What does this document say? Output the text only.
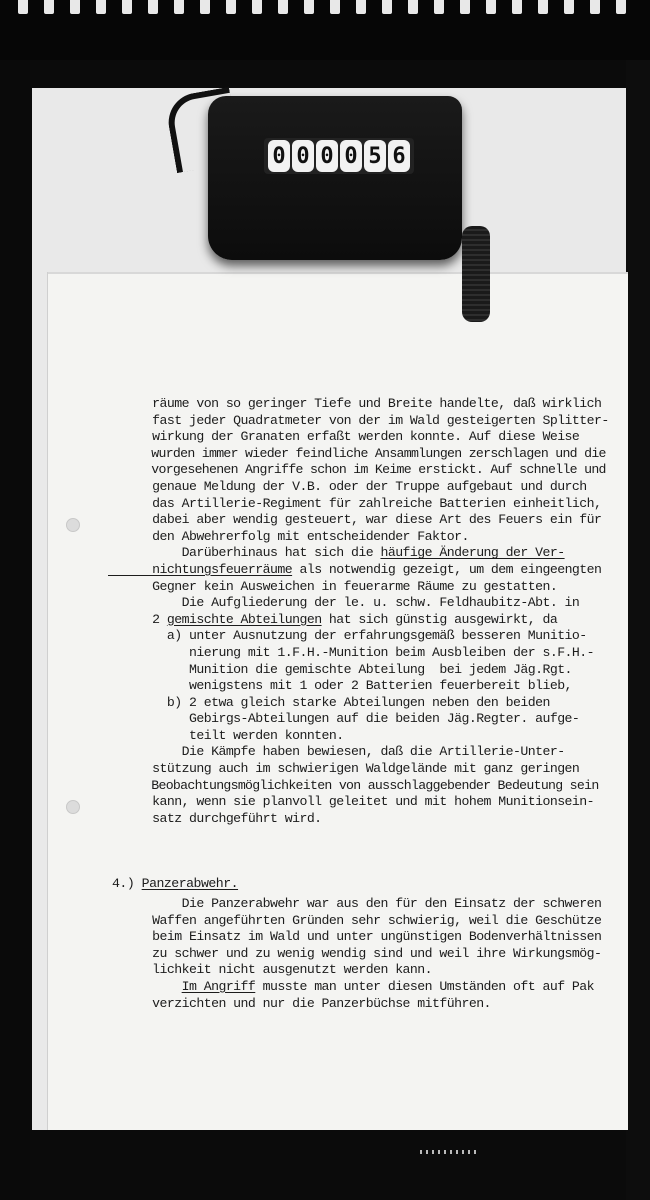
0 0 0 0 5 6
räume von so geringer Tiefe und Breite handelte, daß wirklich
fast jeder Quadratmeter von der im Wald gesteigerten Splitter-
wirkung der Granaten erfaßt werden konnte. Auf diese Weise
wurden immer wieder feindliche Ansammlungen zerschlagen und die
vorgesehenen Angriffe schon im Keime erstickt. Auf schnelle und
genaue Meldung der V.B. oder der Truppe aufgebaut und durch
das Artillerie-Regiment für zahlreiche Batterien einheitlich,
dabei aber wendig gesteuert, war diese Art des Feuers ein für
den Abwehrerfolg mit entscheidender Faktor.
Darüberhinaus hat sich die häufige Änderung der Ver-
nichtungsfeuerräume als notwendig gezeigt, um dem eingeengten
Gegner kein Ausweichen in feuerarme Räume zu gestatten.
Die Aufgliederung der le. u. schw. Feldhaubitz-Abt. in
2 gemischte Abteilungen hat sich günstig ausgewirkt, da
a) unter Ausnutzung der erfahrungsgemäß besseren Munitio-
nierung mit 1.F.H.-Munition beim Ausbleiben der s.F.H.-
Munition die gemischte Abteilung  bei jedem Jäg.Rgt.
wenigstens mit 1 oder 2 Batterien feuerbereit blieb,
b) 2 etwa gleich starke Abteilungen neben den beiden
Gebirgs-Abteilungen auf die beiden Jäg.Regter. aufge-
teilt werden konnten.
Die Kämpfe haben bewiesen, daß die Artillerie-Unter-
stützung auch im schwierigen Waldgelände mit ganz geringen
Beobachtungsmöglichkeiten von ausschlaggebender Bedeutung sein
kann, wenn sie planvoll geleitet und mit hohem Munitionsein-
satz durchgeführt wird.
4.) Panzerabwehr.
Die Panzerabwehr war aus den für den Einsatz der schweren
Waffen angeführten Gründen sehr schwierig, weil die Geschütze
beim Einsatz im Wald und unter ungünstigen Bodenverhältnissen
zu schwer und zu wenig wendig sind und weil ihre Wirkungsmög-
lichkeit nicht ausgenutzt werden kann.
Im Angriff musste man unter diesen Umständen oft auf Pak
verzichten und nur die Panzerbüchse mitführen.
